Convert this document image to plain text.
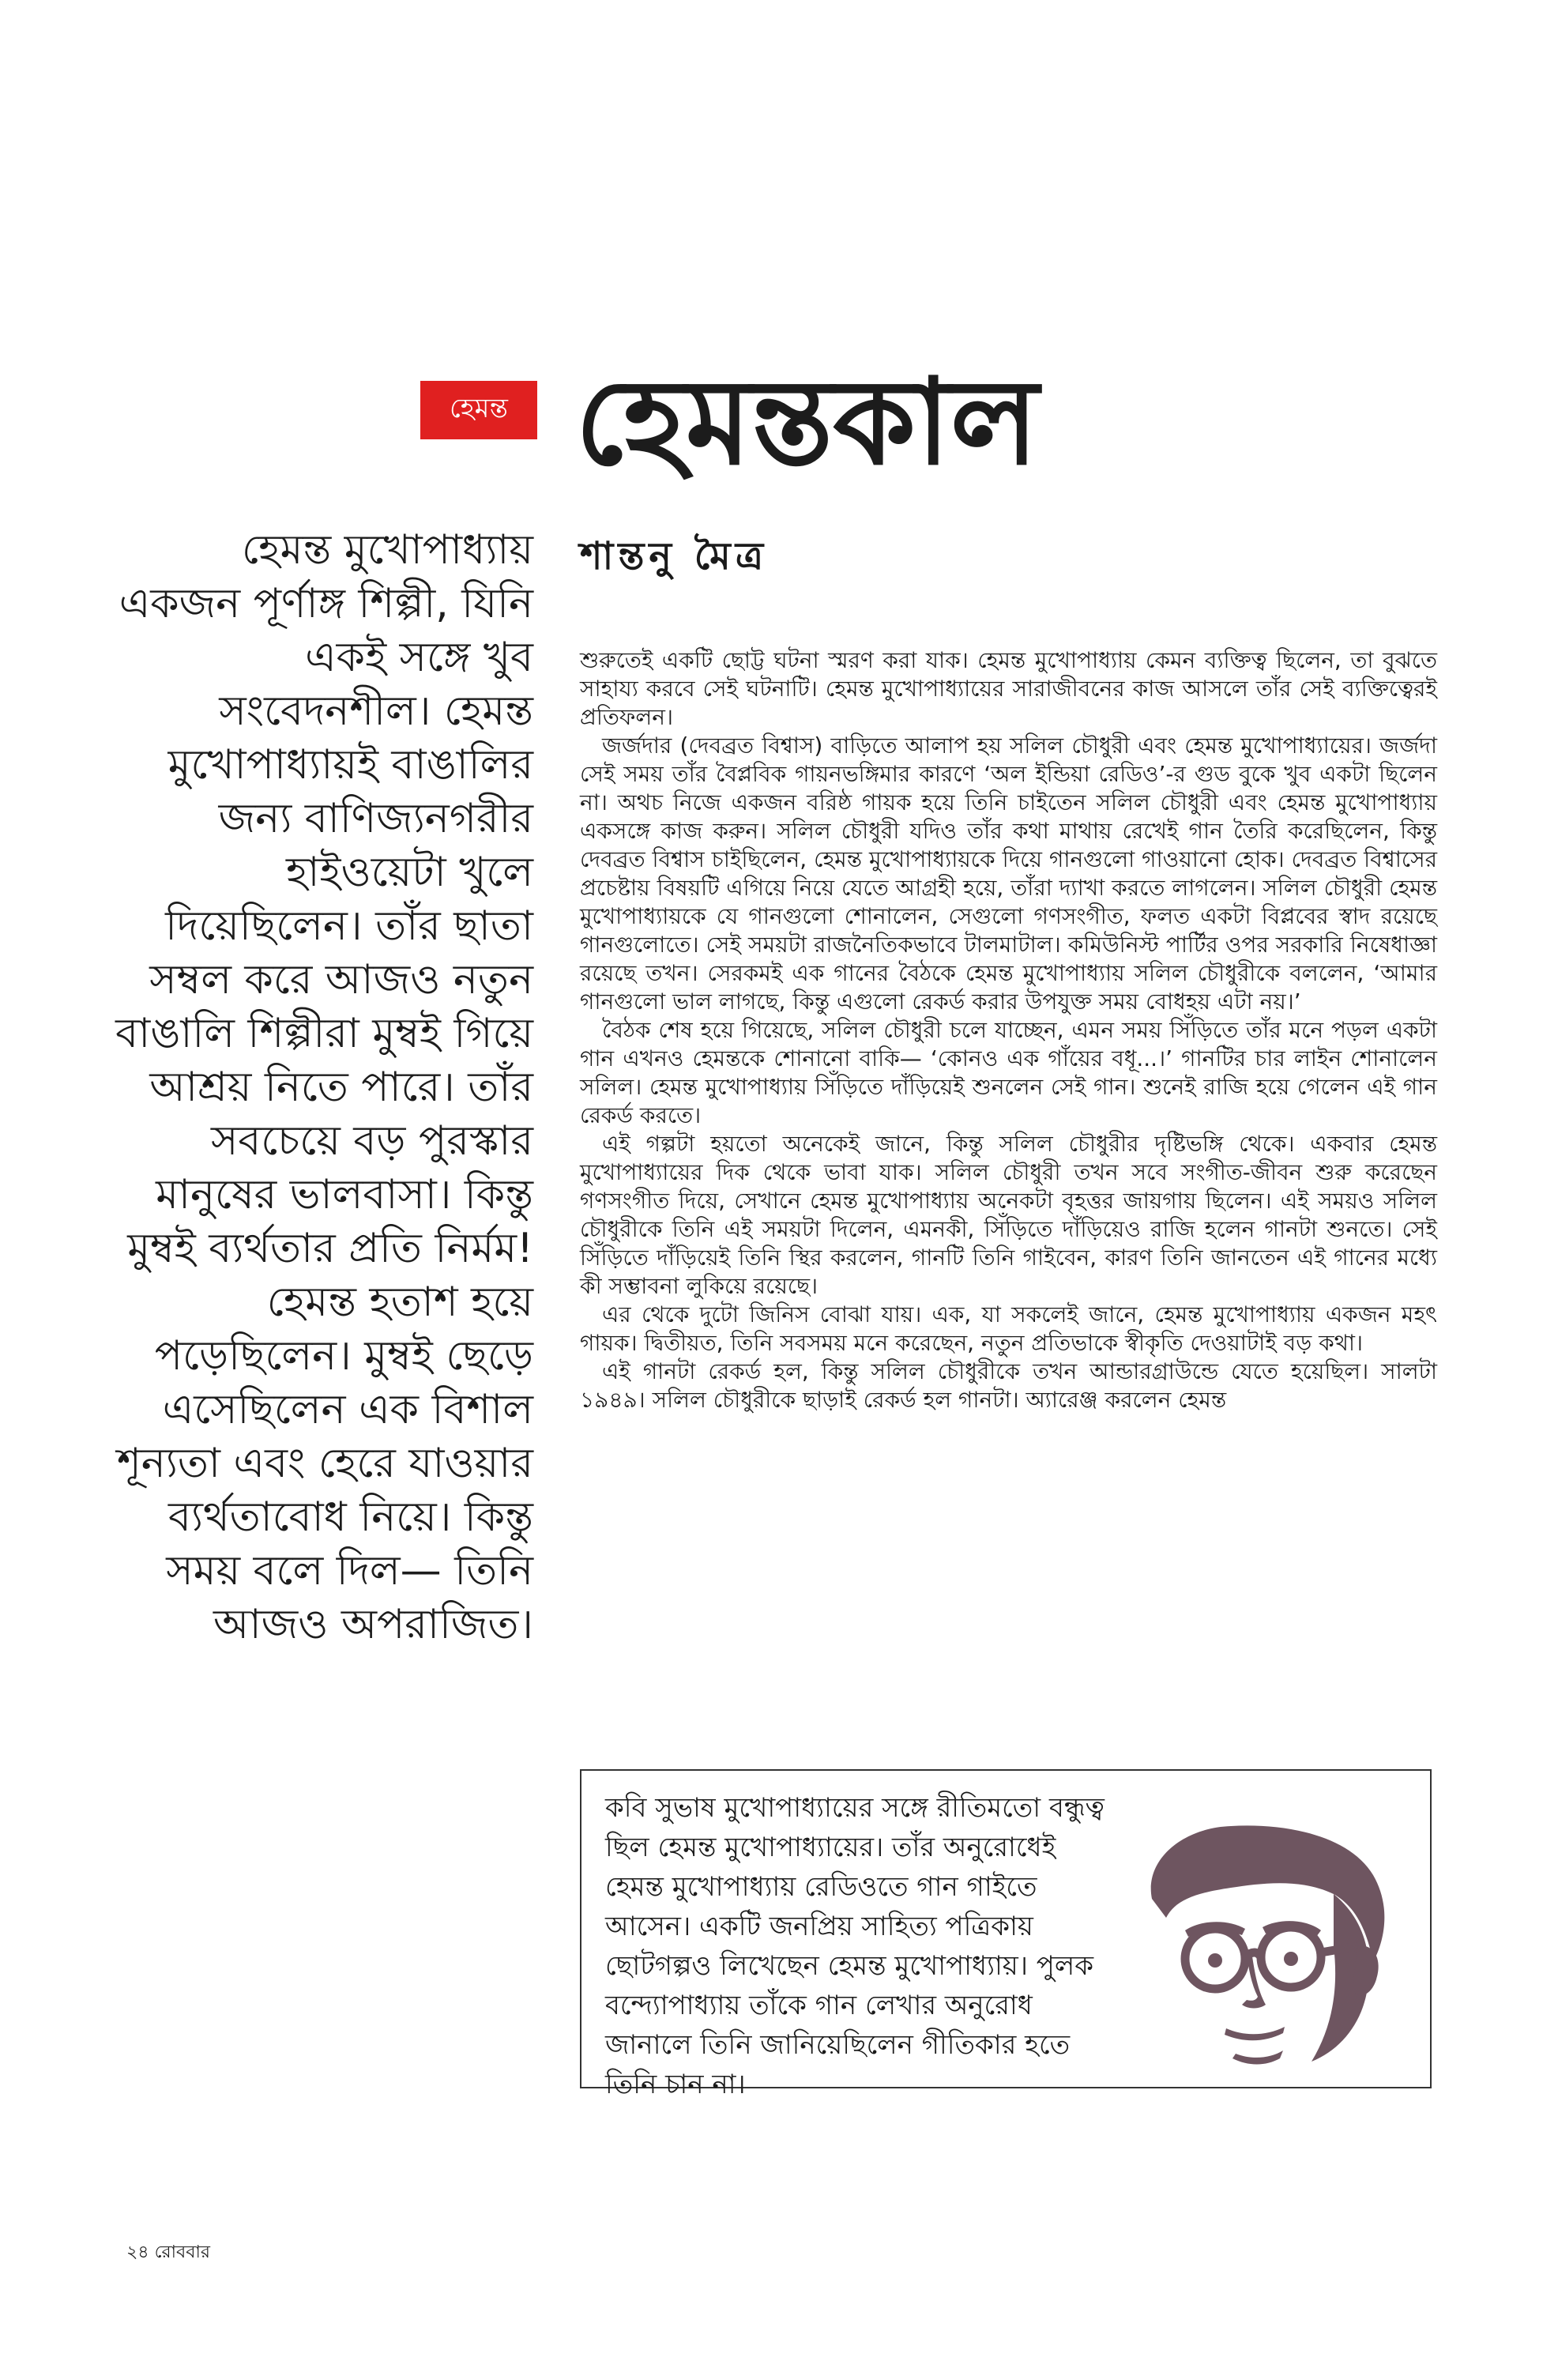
হেমন্ত হেমন্তকাল
শান্তনু মৈত্র

হেমন্ত মুখোপাধ্যায় একজন পূর্ণাঙ্গ শিল্পী, যিনি একই সঙ্গে খুব সংবেদনশীল। হেমন্ত মুখোপাধ্যায়ই বাঙালির জন্য বাণিজ্যনগরীর হাইওয়েটা খুলে দিয়েছিলেন। তাঁর ছাতা সম্বল করে আজও নতুন বাঙালি শিল্পীরা মুম্বই গিয়ে আশ্রয় নিতে পারে। তাঁর সবচেয়ে বড় পুরস্কার মানুষের ভালবাসা। কিন্তু মুম্বই ব্যর্থতার প্রতি নির্মম! হেমন্ত হতাশ হয়ে পড়েছিলেন। মুম্বই ছেড়ে এসেছিলেন এক বিশাল শূন্যতা এবং হেরে যাওয়ার ব্যর্থতাবোধ নিয়ে। কিন্তু সময় বলে দিল— তিনি আজও অপরাজিত।

শুরুতেই একটি ছোট্ট ঘটনা স্মরণ করা যাক। হেমন্ত মুখোপাধ্যায় কেমন ব্যক্তিত্ব ছিলেন, তা বুঝতে সাহায্য করবে সেই ঘটনাটি। হেমন্ত মুখোপাধ্যায়ের সারাজীবনের কাজ আসলে তাঁর সেই ব্যক্তিত্বেরই প্রতিফলন।

জর্জদার (দেবব্রত বিশ্বাস) বাড়িতে আলাপ হয় সলিল চৌধুরী এবং হেমন্ত মুখোপাধ্যায়ের। জর্জদা সেই সময় তাঁর বৈপ্লবিক গায়নভঙ্গিমার কারণে ‘অল ইন্ডিয়া রেডিও’-র গুড বুকে খুব একটা ছিলেন না। অথচ নিজে একজন বরিষ্ঠ গায়ক হয়ে তিনি চাইতেন সলিল চৌধুরী এবং হেমন্ত মুখোপাধ্যায় একসঙ্গে কাজ করুন। সলিল চৌধুরী যদিও তাঁর কথা মাথায় রেখেই গান তৈরি করেছিলেন, কিন্তু দেবব্রত বিশ্বাস চাইছিলেন, হেমন্ত মুখোপাধ্যায়কে দিয়ে গানগুলো গাওয়ানো হোক। দেবব্রত বিশ্বাসের প্রচেষ্টায় বিষয়টি এগিয়ে নিয়ে যেতে আগ্রহী হয়ে, তাঁরা দ্যাখা করতে লাগলেন। সলিল চৌধুরী হেমন্ত মুখোপাধ্যায়কে যে গানগুলো শোনালেন, সেগুলো গণসংগীত, ফলত একটা বিপ্লবের স্বাদ রয়েছে গানগুলোতে। সেই সময়টা রাজনৈতিকভাবে টালমাটাল। কমিউনিস্ট পার্টির ওপর সরকারি নিষেধাজ্ঞা রয়েছে তখন। সেরকমই এক গানের বৈঠকে হেমন্ত মুখোপাধ্যায় সলিল চৌধুরীকে বললেন, ‘আমার গানগুলো ভাল লাগছে, কিন্তু এগুলো রেকর্ড করার উপযুক্ত সময় বোধহয় এটা নয়।’

বৈঠক শেষ হয়ে গিয়েছে, সলিল চৌধুরী চলে যাচ্ছেন, এমন সময় সিঁড়িতে তাঁর মনে পড়ল একটা গান এখনও হেমন্তকে শোনানো বাকি— ‘কোনও এক গাঁয়ের বধূ...।’ গানটির চার লাইন শোনালেন সলিল। হেমন্ত মুখোপাধ্যায় সিঁড়িতে দাঁড়িয়েই শুনলেন সেই গান। শুনেই রাজি হয়ে গেলেন এই গান রেকর্ড করতে।

এই গল্পটা হয়তো অনেকেই জানে, কিন্তু সলিল চৌধুরীর দৃষ্টিভঙ্গি থেকে। একবার হেমন্ত মুখোপাধ্যায়ের দিক থেকে ভাবা যাক। সলিল চৌধুরী তখন সবে সংগীত-জীবন শুরু করেছেন গণসংগীত দিয়ে, সেখানে হেমন্ত মুখোপাধ্যায় অনেকটা বৃহত্তর জায়গায় ছিলেন। এই সময়ও সলিল চৌধুরীকে তিনি এই সময়টা দিলেন, এমনকী, সিঁড়িতে দাঁড়িয়েও রাজি হলেন গানটা শুনতে। সেই সিঁড়িতে দাঁড়িয়েই তিনি স্থির করলেন, গানটি তিনি গাইবেন, কারণ তিনি জানতেন এই গানের মধ্যে কী সম্ভাবনা লুকিয়ে রয়েছে।

এর থেকে দুটো জিনিস বোঝা যায়। এক, যা সকলেই জানে, হেমন্ত মুখোপাধ্যায় একজন মহৎ গায়ক। দ্বিতীয়ত, তিনি সবসময় মনে করেছেন, নতুন প্রতিভাকে স্বীকৃতি দেওয়াটাই বড় কথা।

এই গানটা রেকর্ড হল, কিন্তু সলিল চৌধুরীকে তখন আন্ডারগ্রাউন্ডে যেতে হয়েছিল। সালটা ১৯৪৯। সলিল চৌধুরীকে ছাড়াই রেকর্ড হল গানটা। অ্যারেঞ্জ করলেন হেমন্ত

কবি সুভাষ মুখোপাধ্যায়ের সঙ্গে রীতিমতো বন্ধুত্ব ছিল হেমন্ত মুখোপাধ্যায়ের। তাঁর অনুরোধেই হেমন্ত মুখোপাধ্যায় রেডিওতে গান গাইতে আসেন। একটি জনপ্রিয় সাহিত্য পত্রিকায় ছোটগল্পও লিখেছেন হেমন্ত মুখোপাধ্যায়। পুলক বন্দ্যোপাধ্যায় তাঁকে গান লেখার অনুরোধ জানালে তিনি জানিয়েছিলেন গীতিকার হতে তিনি চান না।

২৪ রোববার
